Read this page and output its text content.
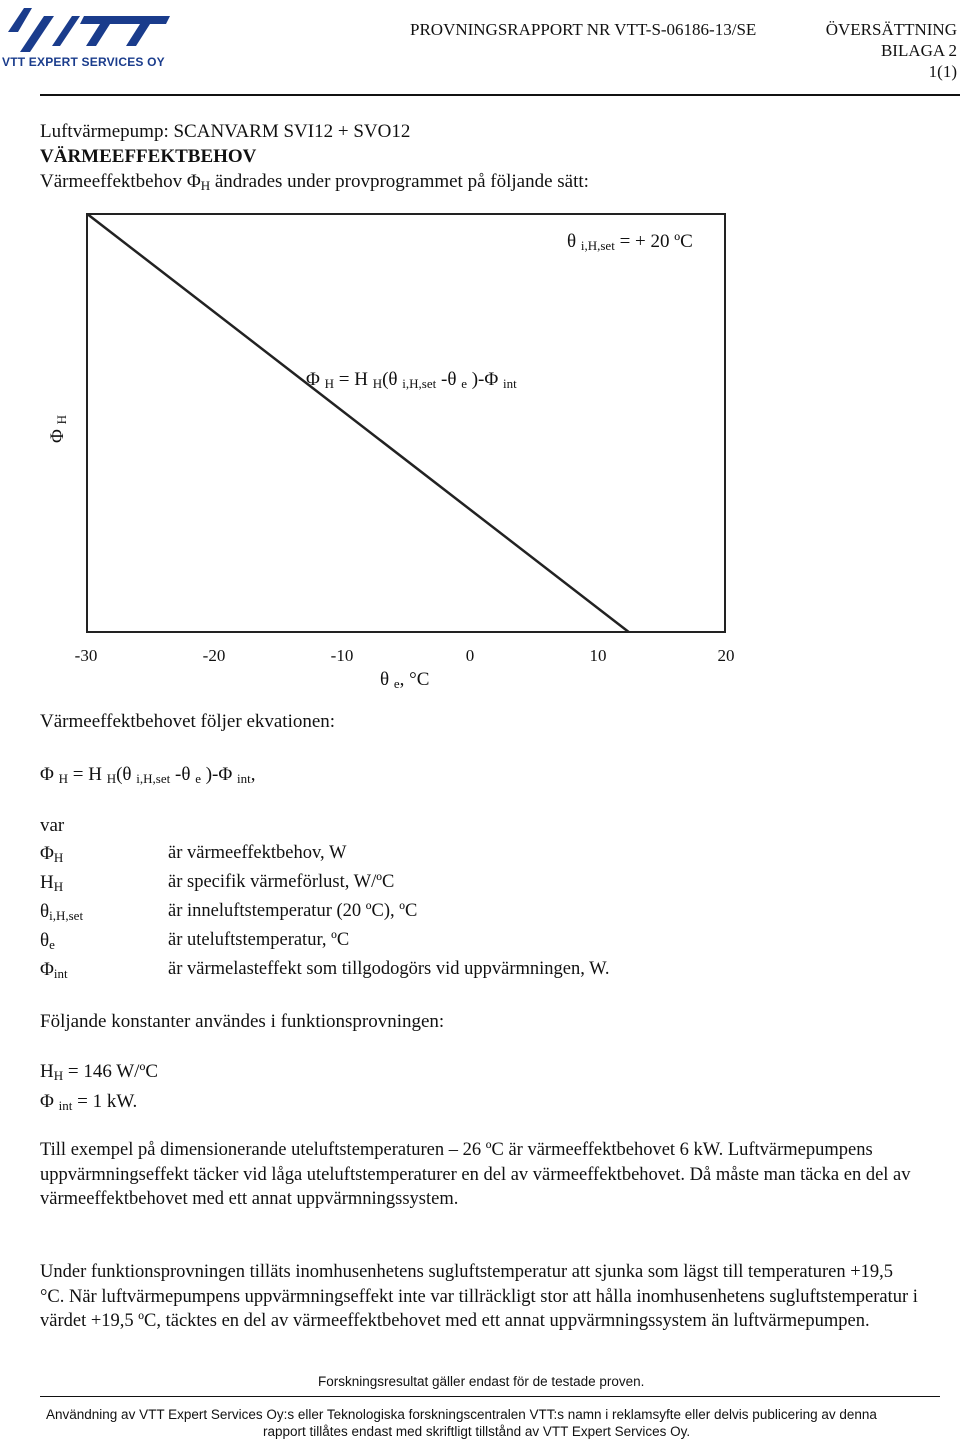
VTT EXPERT SERVICES OY
PROVNINGSRAPPORT NR VTT-S-06186-13/SE	ÖVERSÄTTNING
BILAGA 2
1(1)
Luftvärmepump: SCANVARM SVI12 + SVO12
VÄRMEEFFEKTBEHOV
Värmeeffektbehov $\Phi_H$ ändrades under provprogrammet på följande sätt:
θ $_{i,H,set}$ = + 20 ºC
Φ $_H$ = H $_H$(θ $_{i,H,set}$ -θ $_e$ )-Φ $_{int}$
Φ $_H$
-30	-20	-10	0	10	20
θ $_e$, °C
Värmeeffektbehovet följer ekvationen:
Φ $_H$ = H $_H$(θ $_{i,H,set}$ -θ $_e$ )-Φ $_{int}$,
var
$\Phi_H$	är värmeeffektbehov, W
$H_H$	är specifik värmeförlust, W/ºC
$\theta_{i,H,set}$	är inneluftstemperatur (20 ºC), ºC
$\theta_e$	är uteluftstemperatur, ºC
$\Phi_{int}$	är värmelasteffekt som tillgodogörs vid uppvärmningen, W.
Följande konstanter användes i funktionsprovningen:
$H_H = 146$ W/ºC
Φ $_{int}$ = 1 kW.

Till exempel på dimensionerande uteluftstemperaturen – 26 ºC är värmeeffektbehovet 6 kW. Luftvärmepumpens uppvärmningseffekt täcker vid låga uteluftstemperaturer en del av värmeeffektbehovet. Då måste man täcka en del av värmeeffektbehovet med ett annat uppvärmningssystem.

Under funktionsprovningen tilläts inomhusenhetens sugluftstemperatur att sjunka som lägst till temperaturen +19,5 °C. När luftvärmepumpens uppvärmningseffekt inte var tillräckligt stor att hålla inomhusenhetens sugluftstemperatur i värdet +19,5 ºC, täcktes en del av värmeeffektbehovet med ett annat uppvärmningssystem än luftvärmepumpen.

Forskningsresultat gäller endast för de testade proven.
Användning av VTT Expert Services Oy:s eller Teknologiska forskningscentralen VTT:s namn i reklamsyfte eller delvis publicering av denna
rapport tillåtes endast med skriftligt tillstånd av VTT Expert Services Oy.
